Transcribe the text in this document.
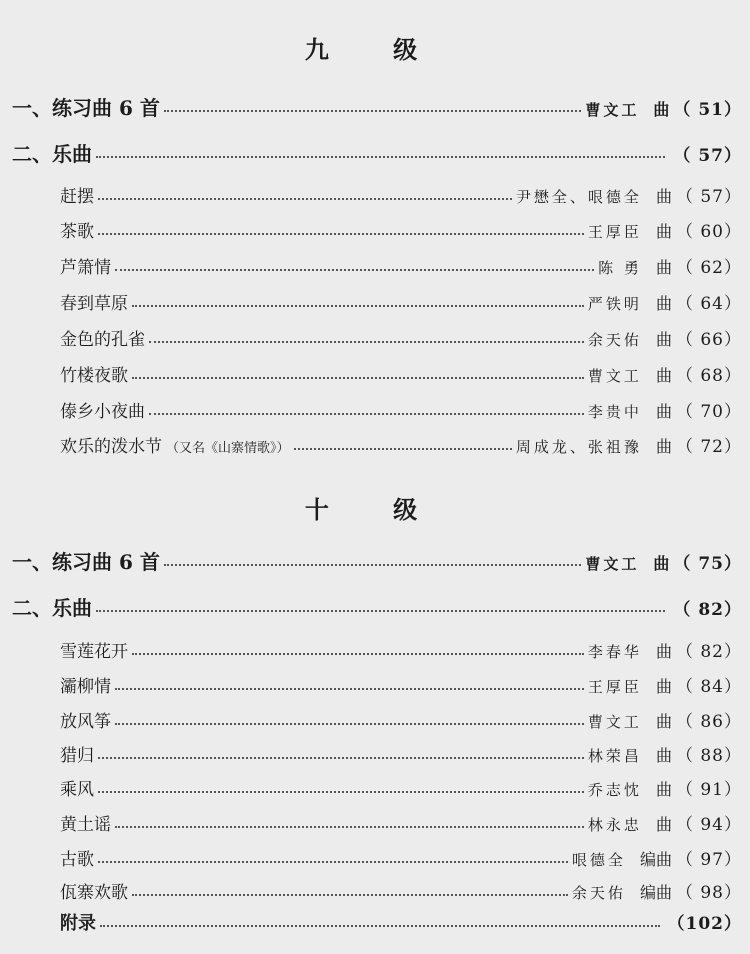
九 级
一、练习曲 6 首	曹文工 曲 （ 51）
二、乐曲	（ 57）
赶摆	尹懋全、哏德全 曲 （ 57）
茶歌	王厚臣 曲 （ 60）
芦箫情	陈 勇 曲 （ 62）
春到草原	严铁明 曲 （ 64）
金色的孔雀	余天佑 曲 （ 66）
竹楼夜歌	曹文工 曲 （ 68）
傣乡小夜曲	李贵中 曲 （ 70）
欢乐的泼水节 （又名《山寨情歌》）	周成龙、张祖豫 曲 （ 72）
十 级
一、练习曲 6 首	曹文工 曲 （ 75）
二、乐曲	（ 82）
雪莲花开	李春华 曲 （ 82）
灞柳情	王厚臣 曲 （ 84）
放风筝	曹文工 曲 （ 86）
猎归	林荣昌 曲 （ 88）
乘风	乔志忱 曲 （ 91）
黄土谣	林永忠 曲 （ 94）
古歌	哏德全 编曲 （ 97）
佤寨欢歌	余天佑 编曲 （ 98）
附录	（102）
